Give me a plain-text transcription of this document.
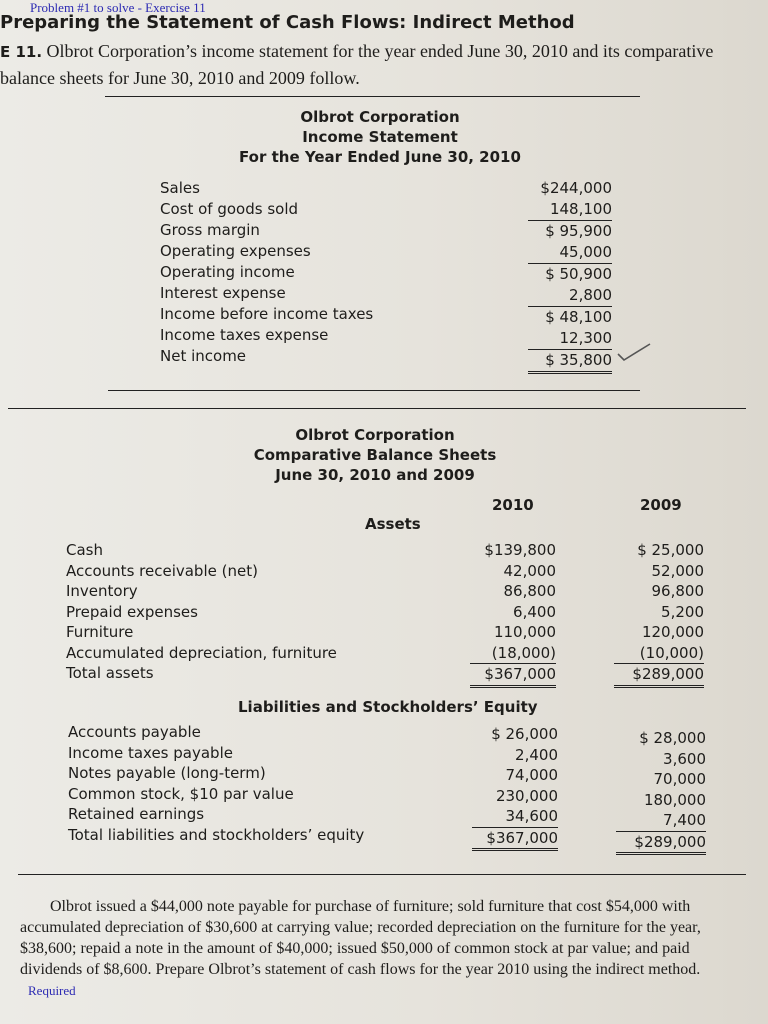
Problem #1 to solve - Exercise 11
Preparing the Statement of Cash Flows: Indirect Method
E 11. Olbrot Corporation’s income statement for the year ended June 30, 2010 and its comparative balance sheets for June 30, 2010 and 2009 follow.
Olbrot Corporation
Income Statement
For the Year Ended June 30, 2010
Sales
Cost of goods sold
Gross margin
Operating expenses
Operating income
Interest expense
Income before income taxes
Income taxes expense
Net income
$244,000
148,100
$ 95,900
45,000
$ 50,900
2,800
$ 48,100
12,300
$ 35,800
Olbrot Corporation
Comparative Balance Sheets
June 30, 2010 and 2009
2010	2009
Assets
Cash
Accounts receivable (net)
Inventory
Prepaid expenses
Furniture
Accumulated depreciation, furniture
Total assets
$139,800
42,000
86,800
6,400
110,000
(18,000)
$367,000
$ 25,000
52,000
96,800
5,200
120,000
(10,000)
$289,000
Liabilities and Stockholders’ Equity
Accounts payable
Income taxes payable
Notes payable (long-term)
Common stock, $10 par value
Retained earnings
Total liabilities and stockholders’ equity
$ 26,000
2,400
74,000
230,000
34,600
$367,000
$ 28,000
3,600
70,000
180,000
7,400
$289,000
Olbrot issued a $44,000 note payable for purchase of furniture; sold furniture that cost $54,000 with accumulated depreciation of $30,600 at carrying value; recorded depreciation on the furniture for the year, $38,600; repaid a note in the amount of $40,000; issued $50,000 of common stock at par value; and paid dividends of $8,600. Prepare Olbrot’s statement of cash flows for the year 2010 using the indirect method. Required
